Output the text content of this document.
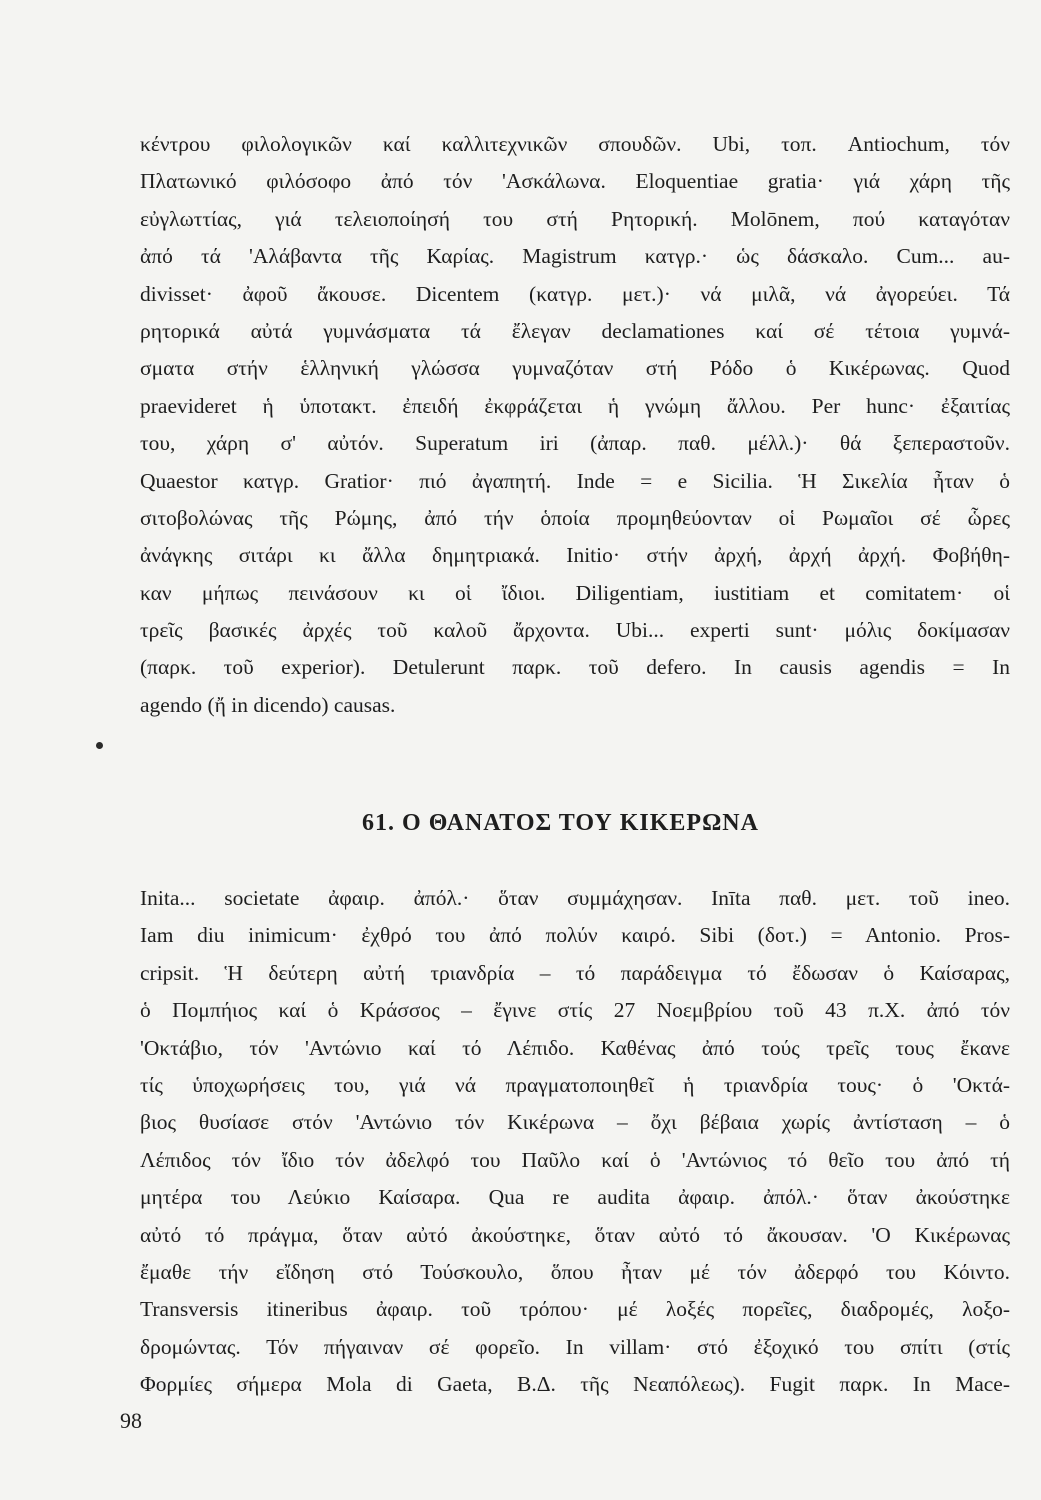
κέντρου φιλολογικῶν καί καλλιτεχνικῶν σπουδῶν. Ubi, τοπ. Antiochum, τόν
Πλατωνικό φιλόσοφο ἀπό τόν 'Ασκάλωνα. Eloquentiae gratia· γιά χάρη τῆς
εὐγλωττίας, γιά τελειοποίησή του στή Ρητορική. Molōnem, πού καταγόταν
ἀπό τά 'Αλάβαντα τῆς Καρίας. Magistrum κατγρ.· ὡς δάσκαλο. Cum... au-
divisset· ἀφοῦ ἄκουσε. Dicentem (κατγρ. μετ.)· νά μιλᾶ, νά ἀγορεύει. Τά
ρητορικά αὐτά γυμνάσματα τά ἔλεγαν declamationes καί σέ τέτοια γυμνά-
σματα στήν ἑλληνική γλώσσα γυμναζόταν στή Ρόδο ὁ Κικέρωνας. Quod
praevideret ἡ ὑποτακτ. ἐπειδή ἐκφράζεται ἡ γνώμη ἄλλου. Per hunc· ἐξαιτίας
του, χάρη σ' αὐτόν. Superatum iri (ἀπαρ. παθ. μέλλ.)· θά ξεπεραστοῦν.
Quaestor κατγρ. Gratior· πιό ἀγαπητή. Inde = e Sicilia. Ἡ Σικελία ἦταν ὁ
σιτοβολώνας τῆς Ρώμης, ἀπό τήν ὁποία προμηθεύονταν οἱ Ρωμαῖοι σέ ὧρες
ἀνάγκης σιτάρι κι ἄλλα δημητριακά. Initio· στήν ἀρχή, ἀρχή ἀρχή. Φοβήθη-
καν μήπως πεινάσουν κι οἱ ἴδιοι. Diligentiam, iustitiam et comitatem· οἱ
τρεῖς βασικές ἀρχές τοῦ καλοῦ ἄρχοντα. Ubi... experti sunt· μόλις δοκίμασαν
(παρκ. τοῦ experior). Detulerunt παρκ. τοῦ defero. In causis agendis = In
agendo (ἤ in dicendo) causas.
61. Ο ΘΑΝΑΤΟΣ ΤΟΥ ΚΙΚΕΡΩΝΑ
Inita... societate ἀφαιρ. ἀπόλ.· ὅταν συμμάχησαν. Inīta παθ. μετ. τοῦ ineo.
Iam diu inimicum· ἐχθρό του ἀπό πολύν καιρό. Sibi (δοτ.) = Antonio. Pros-
cripsit. Ἡ δεύτερη αὐτή τριανδρία – τό παράδειγμα τό ἔδωσαν ὁ Καίσαρας,
ὁ Πομπήιος καί ὁ Κράσσος – ἔγινε στίς 27 Νοεμβρίου τοῦ 43 π.Χ. ἀπό τόν
'Οκτάβιο, τόν 'Αντώνιο καί τό Λέπιδο. Καθένας ἀπό τούς τρεῖς τους ἔκανε
τίς ὑποχωρήσεις του, γιά νά πραγματοποιηθεῖ ἡ τριανδρία τους· ὁ 'Οκτά-
βιος θυσίασε στόν 'Αντώνιο τόν Κικέρωνα – ὄχι βέβαια χωρίς ἀντίσταση – ὁ
Λέπιδος τόν ἴδιο τόν ἀδελφό του Παῦλο καί ὁ 'Αντώνιος τό θεῖο του ἀπό τή
μητέρα του Λεύκιο Καίσαρα. Qua re audita ἀφαιρ. ἀπόλ.· ὅταν ἀκούστηκε
αὐτό τό πράγμα, ὅταν αὐτό ἀκούστηκε, ὅταν αὐτό τό ἄκουσαν. 'Ο Κικέρωνας
ἔμαθε τήν εἴδηση στό Τούσκουλο, ὅπου ἦταν μέ τόν ἀδερφό του Κόιντο.
Transversis itineribus ἀφαιρ. τοῦ τρόπου· μέ λοξές πορεῖες, διαδρομές, λοξο-
δρομώντας. Τόν πήγαιναν σέ φορεῖο. In villam· στό ἐξοχικό του σπίτι (στίς
Φορμίες σήμερα Mola di Gaeta, Β.Δ. τῆς Νεαπόλεως). Fugit παρκ. In Mace-
98
